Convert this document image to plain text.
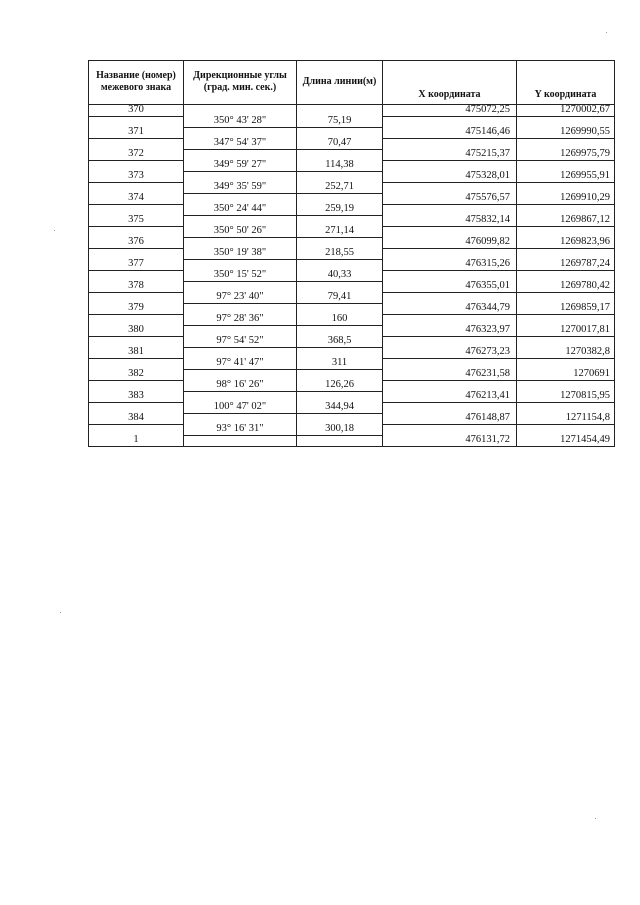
Название (номер) межевого знака	Дирекционные углы (град. мин. сек.)	Длина линии(м)	X координата	Y координата
370			475072,25	1270002,67
	350° 43' 28"	75,19		
371			475146,46	1269990,55
	347° 54' 37"	70,47		
372			475215,37	1269975,79
	349° 59' 27"	114,38		
373			475328,01	1269955,91
	349° 35' 59"	252,71		
374			475576,57	1269910,29
	350° 24' 44"	259,19		
375			475832,14	1269867,12
	350° 50' 26"	271,14		
376			476099,82	1269823,96
	350° 19' 38"	218,55		
377			476315,26	1269787,24
	350° 15' 52"	40,33		
378			476355,01	1269780,42
	97° 23' 40"	79,41		
379			476344,79	1269859,17
	97° 28' 36"	160		
380			476323,97	1270017,81
	97° 54' 52"	368,5		
381			476273,23	1270382,8
	97° 41' 47"	311		
382			476231,58	1270691
	98° 16' 26"	126,26		
383			476213,41	1270815,95
	100° 47' 02"	344,94		
384			476148,87	1271154,8
	93° 16' 31"	300,18		
1			476131,72	1271454,49
